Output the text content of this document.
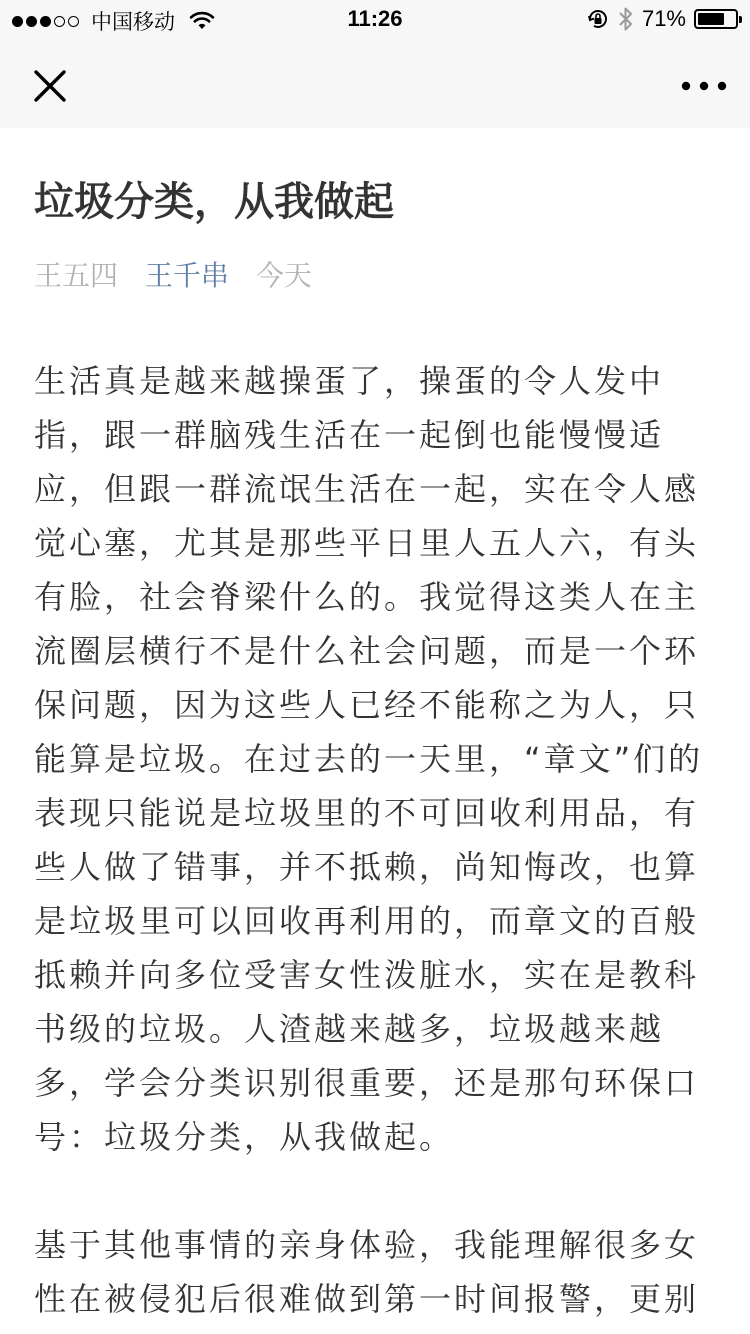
中国移动	11:26	71%
垃圾分类，从我做起
王五四 王千串 今天

生活真是越来越操蛋了，操蛋的令人发中指，跟一群脑残生活在一起倒也能慢慢适应，但跟一群流氓生活在一起，实在令人感觉心塞，尤其是那些平日里人五人六，有头有脸，社会脊梁什么的。我觉得这类人在主流圈层横行不是什么社会问题，而是一个环保问题，因为这些人已经不能称之为人，只能算是垃圾。在过去的一天里，“章文”们的表现只能说是垃圾里的不可回收利用品，有些人做了错事，并不抵赖，尚知悔改，也算是垃圾里可以回收再利用的，而章文的百般抵赖并向多位受害女性泼脏水，实在是教科书级的垃圾。人渣越来越多，垃圾越来越多，学会分类识别很重要，还是那句环保口号：垃圾分类，从我做起。

基于其他事情的亲身体验，我能理解很多女性在被侵犯后很难做到第一时间报警，更别
